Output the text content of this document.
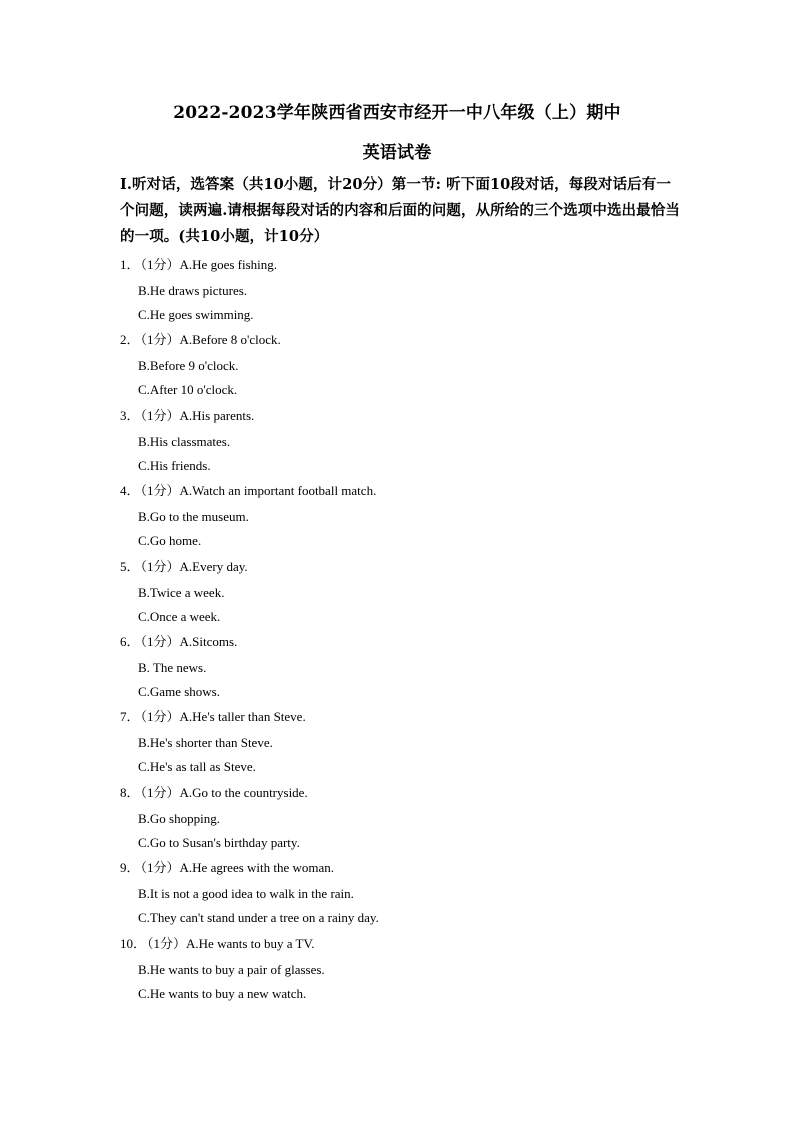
2022-2023学年陕西省西安市经开一中八年级（上）期中
英语试卷
Ⅰ.听对话，选答案（共10小题，计20分）第一节: 听下面10段对话，每段对话后有一个问题，读两遍.请根据每段对话的内容和后面的问题，从所给的三个选项中选出最恰当的一项。(共10小题，计10分）
1．（1分）A.He goes fishing.
B.He draws pictures.
C.He goes swimming.
2．（1分）A.Before 8 o'clock.
B.Before 9 o'clock.
C.After 10 o'clock.
3．（1分）A.His parents.
B.His classmates.
C.His friends.
4．（1分）A.Watch an important football match.
B.Go to the museum.
C.Go home.
5．（1分）A.Every day.
B.Twice a week.
C.Once a week.
6．（1分）A.Sitcoms.
B. The news.
C.Game shows.
7．（1分）A.He's taller than Steve.
B.He's shorter than Steve.
C.He's as tall as Steve.
8．（1分）A.Go to the countryside.
B.Go shopping.
C.Go to Susan's birthday party.
9．（1分）A.He agrees with the woman.
B.It is not a good idea to walk in the rain.
C.They can't stand under a tree on a rainy day.
10．（1分）A.He wants to buy a TV.
B.He wants to buy a pair of glasses.
C.He wants to buy a new watch.
